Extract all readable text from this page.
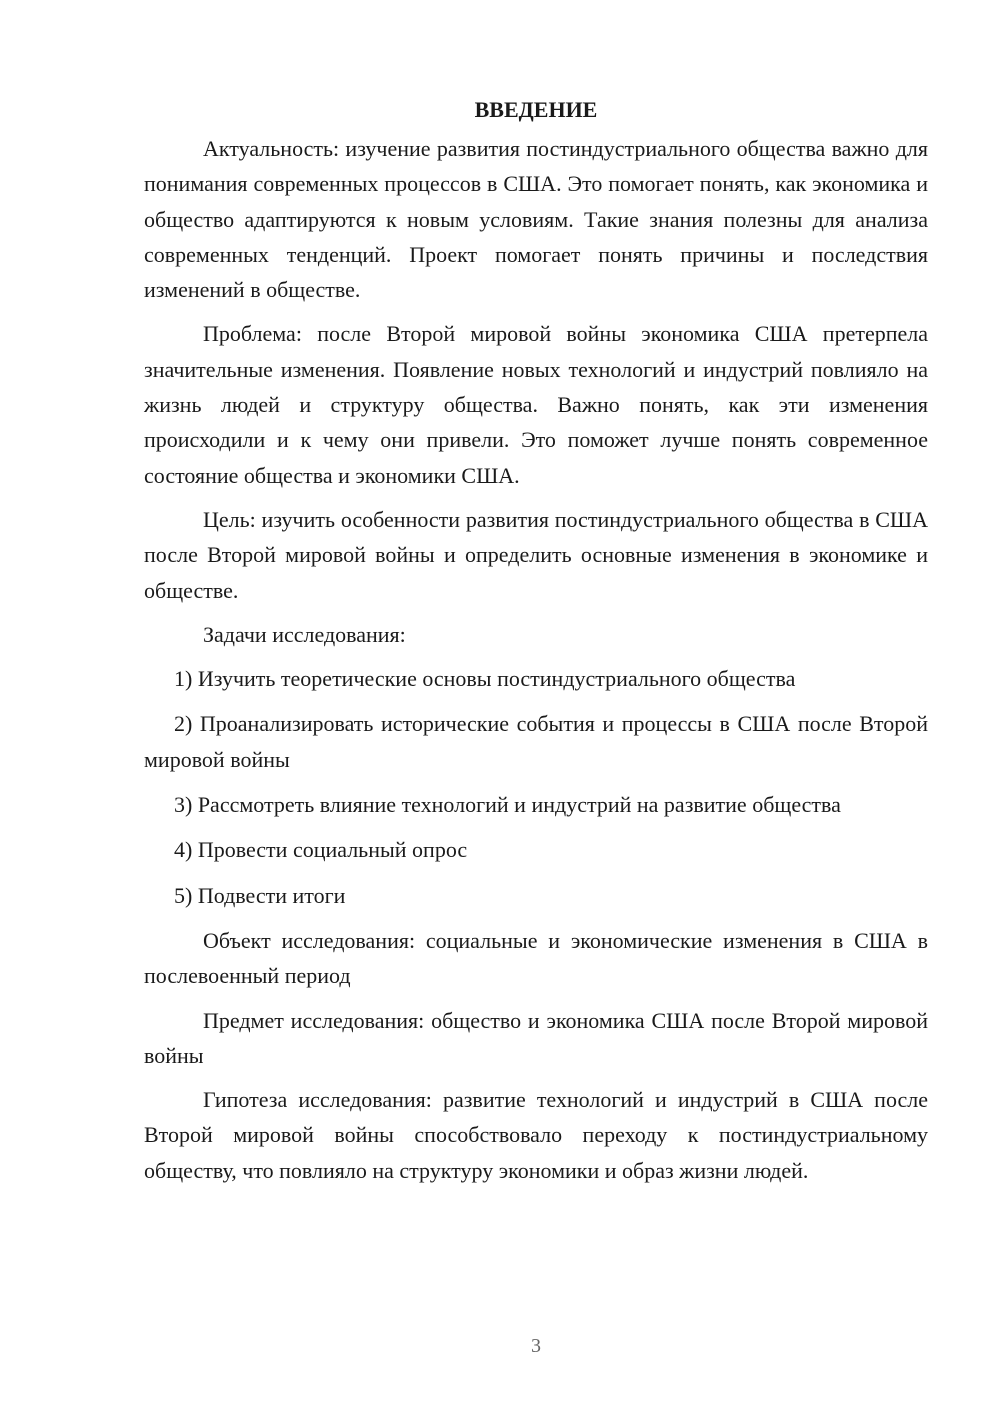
ВВЕДЕНИЕ

Актуальность: изучение развития постиндустриального общества важно для понимания современных процессов в США. Это помогает понять, как экономика и общество адаптируются к новым условиям. Такие знания полезны для анализа современных тенденций. Проект помогает понять причины и последствия изменений в обществе.

Проблема: после Второй мировой войны экономика США претерпела значительные изменения. Появление новых технологий и индустрий повлияло на жизнь людей и структуру общества. Важно понять, как эти изменения происходили и к чему они привели. Это поможет лучше понять современное состояние общества и экономики США.

Цель: изучить особенности развития постиндустриального общества в США после Второй мировой войны и определить основные изменения в экономике и обществе.

Задачи исследования:

1) Изучить теоретические основы постиндустриального общества

2) Проанализировать исторические события и процессы в США после Второй мировой войны

3) Рассмотреть влияние технологий и индустрий на развитие общества

4) Провести социальный опрос

5) Подвести итоги

Объект исследования: социальные и экономические изменения в США в послевоенный период

Предмет исследования: общество и экономика США после Второй мировой войны

Гипотеза исследования: развитие технологий и индустрий в США после Второй мировой войны способствовало переходу к постиндустриальному обществу, что повлияло на структуру экономики и образ жизни людей.

3
